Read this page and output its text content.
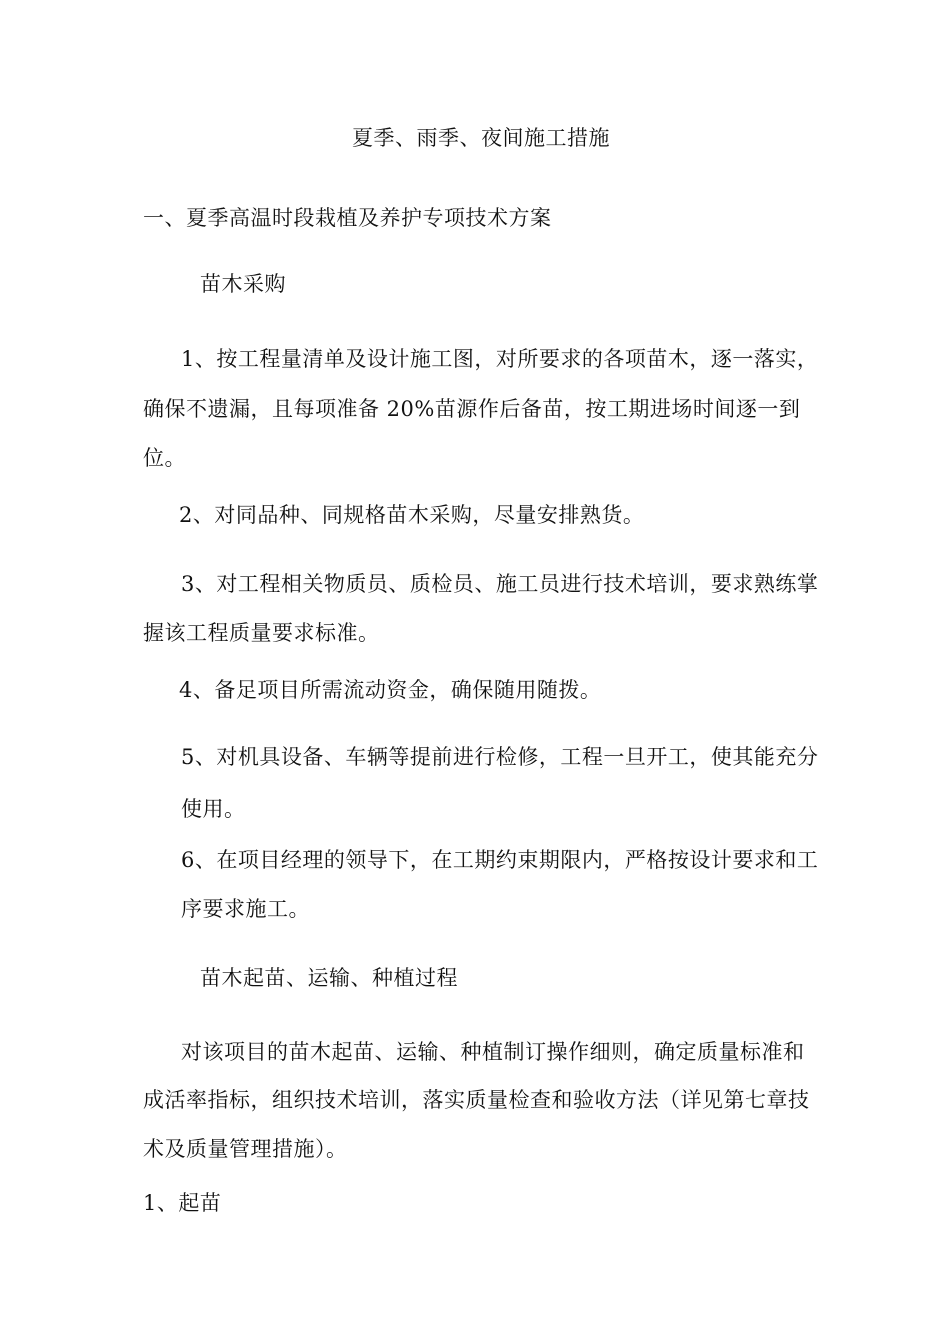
夏季、雨季、夜间施工措施
一、夏季高温时段栽植及养护专项技术方案
苗木采购
1、按工程量清单及设计施工图，对所要求的各项苗木，逐一落实，
确保不遗漏，且每项准备 20%苗源作后备苗，按工期进场时间逐一到
位。
2、对同品种、同规格苗木采购，尽量安排熟货。
3、对工程相关物质员、质检员、施工员进行技术培训，要求熟练掌
握该工程质量要求标准。
4、备足项目所需流动资金，确保随用随拨。
5、对机具设备、车辆等提前进行检修，工程一旦开工，使其能充分
使用。
6、在项目经理的领导下，在工期约束期限内，严格按设计要求和工
序要求施工。
苗木起苗、运输、种植过程
对该项目的苗木起苗、运输、种植制订操作细则，确定质量标准和
成活率指标，组织技术培训，落实质量检查和验收方法（详见第七章技
术及质量管理措施）。
1、起苗
